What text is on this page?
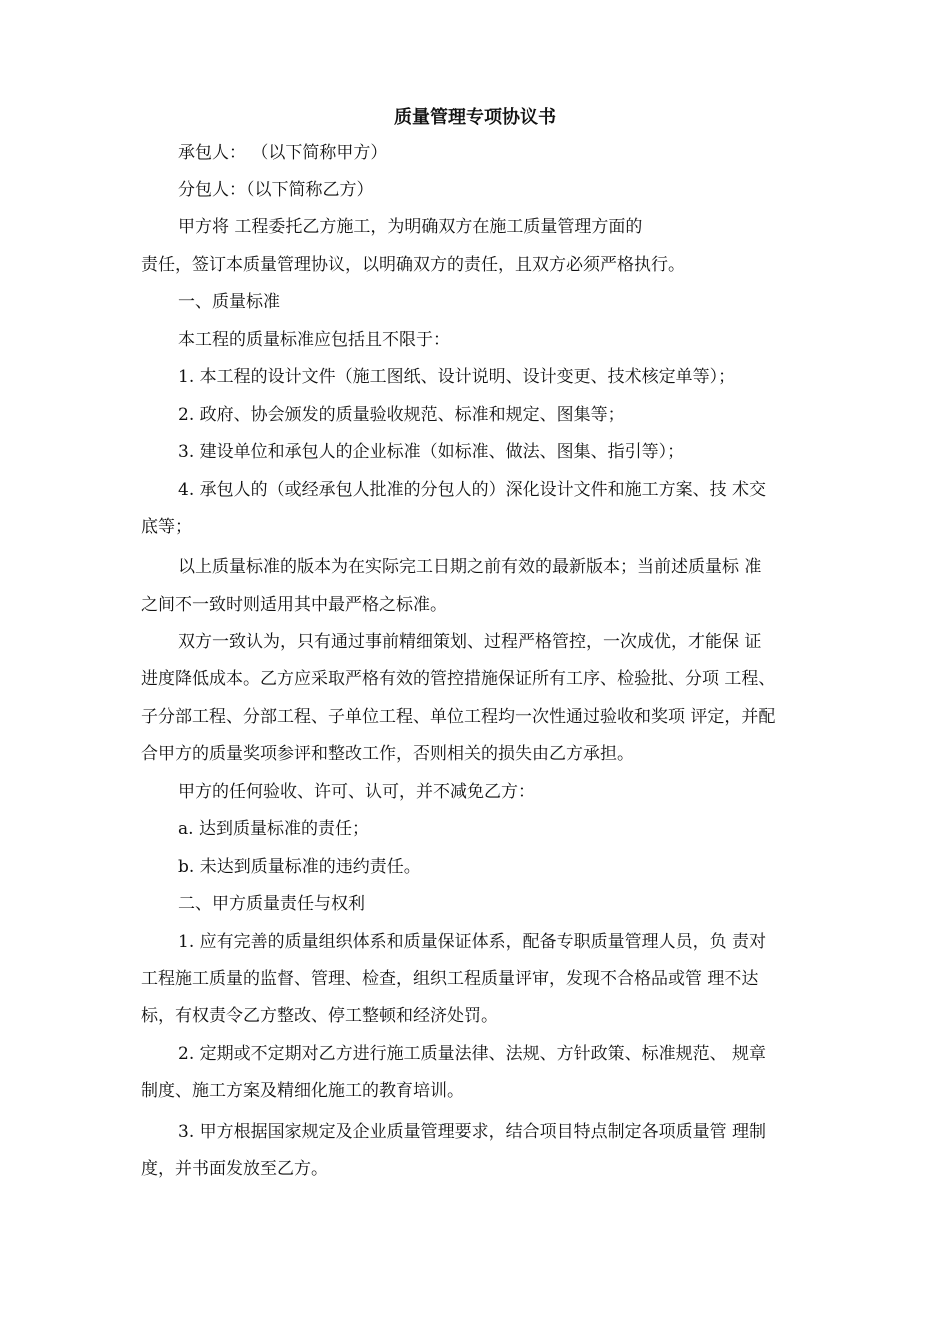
质量管理专项协议书
承包人： （以下简称甲方）
分包人：（以下简称乙方）
甲方将 工程委托乙方施工，为明确双方在施工质量管理方面的
责任，签订本质量管理协议，以明确双方的责任，且双方必须严格执行。
一、质量标准
本工程的质量标准应包括且不限于：
1. 本工程的设计文件（施工图纸、设计说明、设计变更、技术核定单等）；
2. 政府、协会颁发的质量验收规范、标准和规定、图集等；
3. 建设单位和承包人的企业标准（如标准、做法、图集、指引等）；
4. 承包人的（或经承包人批准的分包人的）深化设计文件和施工方案、技 术交
底等；
以上质量标准的版本为在实际完工日期之前有效的最新版本；当前述质量标 准
之间不一致时则适用其中最严格之标准。
双方一致认为，只有通过事前精细策划、过程严格管控，一次成优，才能保 证
进度降低成本。乙方应采取严格有效的管控措施保证所有工序、检验批、分项 工程、
子分部工程、分部工程、子单位工程、单位工程均一次性通过验收和奖项 评定，并配
合甲方的质量奖项参评和整改工作，否则相关的损失由乙方承担。
甲方的任何验收、许可、认可，并不减免乙方：
a. 达到质量标准的责任；
b. 未达到质量标准的违约责任。
二、甲方质量责任与权利
1. 应有完善的质量组织体系和质量保证体系，配备专职质量管理人员，负 责对
工程施工质量的监督、管理、检查，组织工程质量评审，发现不合格品或管 理不达
标，有权责令乙方整改、停工整顿和经济处罚。
2. 定期或不定期对乙方进行施工质量法律、法规、方针政策、标准规范、 规章
制度、施工方案及精细化施工的教育培训。
3. 甲方根据国家规定及企业质量管理要求，结合项目特点制定各项质量管 理制
度，并书面发放至乙方。
